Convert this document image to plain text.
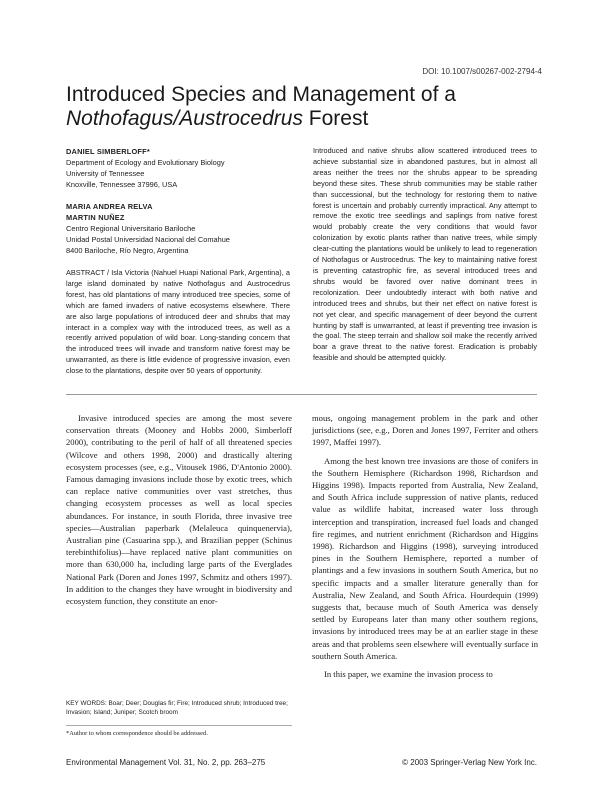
DOI: 10.1007/s00267-002-2794-4
Introduced Species and Management of a
Nothofagus/Austrocedrus Forest
DANIEL SIMBERLOFF*
Department of Ecology and Evolutionary Biology
University of Tennessee
Knoxville, Tennessee 37996, USA
MARIA ANDREA RELVA
MARTIN NUÑEZ
Centro Regional Universitario Bariloche
Unidad Postal Universidad Nacional del Comahue
8400 Bariloche, Río Negro, Argentina
ABSTRACT / Isla Victoria (Nahuel Huapi National Park, Argentina), a large island dominated by native Nothofagus and Austrocedrus forest, has old plantations of many introduced tree species, some of which are famed invaders of native ecosystems elsewhere. There are also large populations of introduced deer and shrubs that may interact in a complex way with the introduced trees, as well as a recently arrived population of wild boar. Long-standing concern that the introduced trees will invade and transform native forest may be unwarranted, as there is little evidence of progressive invasion, even close to the plantations, despite over 50 years of opportunity.
Introduced and native shrubs allow scattered introduced trees to achieve substantial size in abandoned pastures, but in almost all areas neither the trees nor the shrubs appear to be spreading beyond these sites. These shrub communities may be stable rather than successional, but the technology for restoring them to native forest is uncertain and probably currently impractical. Any attempt to remove the exotic tree seedlings and saplings from native forest would probably create the very conditions that would favor colonization by exotic plants rather than native trees, while simply clear-cutting the plantations would be unlikely to lead to regeneration of Nothofagus or Austrocedrus. The key to maintaining native forest is preventing catastrophic fire, as several introduced trees and shrubs would be favored over native dominant trees in recolonization. Deer undoubtedly interact with both native and introduced trees and shrubs, but their net effect on native forest is not yet clear, and specific management of deer beyond the current hunting by staff is unwarranted, at least if preventing tree invasion is the goal. The steep terrain and shallow soil make the recently arrived boar a grave threat to the native forest. Eradication is probably feasible and should be attempted quickly.

Invasive introduced species are among the most severe conservation threats (Mooney and Hobbs 2000, Simberloff 2000), contributing to the peril of half of all threatened species (Wilcove and others 1998, 2000) and drastically altering ecosystem processes (see, e.g., Vitousek 1986, D'Antonio 2000). Famous damaging invasions include those by exotic trees, which can replace native communities over vast stretches, thus changing ecosystem processes as well as local species abundances. For instance, in south Florida, three invasive tree species—Australian paperbark (Melaleuca quinquenervia), Australian pine (Casuarina spp.), and Brazilian pepper (Schinus terebinthifolius)—have replaced native plant communities on more than 630,000 ha, including large parts of the Everglades National Park (Doren and Jones 1997, Schmitz and others 1997). In addition to the changes they have wrought in biodiversity and ecosystem function, they constitute an enor-

mous, ongoing management problem in the park and other jurisdictions (see, e.g., Doren and Jones 1997, Ferriter and others 1997, Maffei 1997).

Among the best known tree invasions are those of conifers in the Southern Hemisphere (Richardson 1998, Richardson and Higgins 1998). Impacts reported from Australia, New Zealand, and South Africa include suppression of native plants, reduced value as wildlife habitat, increased water loss through interception and transpiration, increased fuel loads and changed fire regimes, and nutrient enrichment (Richardson and Higgins 1998). Richardson and Higgins (1998), surveying introduced pines in the Southern Hemisphere, reported a number of plantings and a few invasions in southern South America, but no specific impacts and a smaller literature generally than for Australia, New Zealand, and South Africa. Hourdequin (1999) suggests that, because much of South America was densely settled by Europeans later than many other southern regions, invasions by introduced trees may be at an earlier stage in these areas and that problems seen elsewhere will eventually surface in southern South America.

In this paper, we examine the invasion process to

KEY WORDS: Boar; Deer; Douglas fir; Fire; Introduced shrub; Introduced tree; Invasion; Island; Juniper; Scotch broom
*Author to whom correspondence should be addressed.
Environmental Management Vol. 31, No. 2, pp. 263–275	© 2003 Springer-Verlag New York Inc.
